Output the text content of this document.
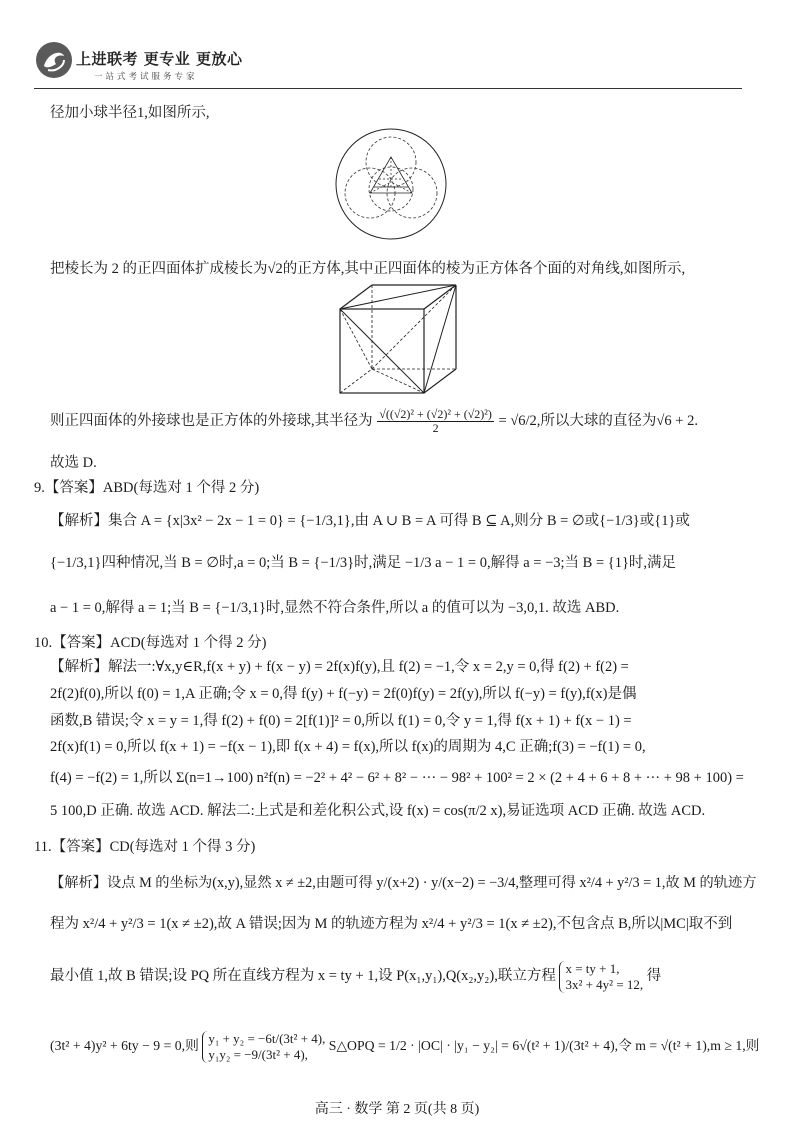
上进联考 更专业 更放心
一站式考试服务专家
径加小球半径1,如图所示,
把棱长为 2 的正四面体扩成棱长为√2的正方体,其中正四面体的棱为正方体各个面的对角线,如图所示,
则正四面体的外接球也是正方体的外接球,其半径为 $\frac{\text{√((√2)² + (√2)² + (√2)²)}}{2} = √6/2$,所以大球的直径为√6 + 2.
故选 D.
9.【答案】ABD(每选对 1 个得 2 分)
【解析】集合 A = {x|3x² − 2x − 1 = 0} = {−1/3,1},由 A ∪ B = A 可得 B ⊆ A,则分 B = ∅或{−1/3}或{1}或
{−1/3,1}四种情况,当 B = ∅时,a = 0;当 B = {−1/3}时,满足 −1/3 a − 1 = 0,解得 a = −3;当 B = {1}时,满足
a − 1 = 0,解得 a = 1;当 B = {−1/3,1}时,显然不符合条件,所以 a 的值可以为 −3,0,1. 故选 ABD.
10.【答案】ACD(每选对 1 个得 2 分)
【解析】解法一:∀x,y∈R,f(x + y) + f(x − y) = 2f(x)f(y),且 f(2) = −1,令 x = 2,y = 0,得 f(2) + f(2) =
2f(2)f(0),所以 f(0) = 1,A 正确;令 x = 0,得 f(y) + f(−y) = 2f(0)f(y) = 2f(y),所以 f(−y) = f(y),f(x)是偶
函数,B 错误;令 x = y = 1,得 f(2) + f(0) = 2[f(1)]² = 0,所以 f(1) = 0,令 y = 1,得 f(x + 1) + f(x − 1) =
2f(x)f(1) = 0,所以 f(x + 1) = −f(x − 1),即 f(x + 4) = f(x),所以 f(x)的周期为 4,C 正确;f(3) = −f(1) = 0,
f(4) = −f(2) = 1,所以 Σ(n=1→100) n²f(n) = −2² + 4² − 6² + 8² − ··· − 98² + 100² = 2 × (2 + 4 + 6 + 8 + ··· + 98 + 100) =
5 100,D 正确. 故选 ACD. 解法二:上式是和差化积公式,设 f(x) = cos(π/2 x),易证选项 ACD 正确. 故选 ACD.
11.【答案】CD(每选对 1 个得 3 分)
【解析】设点 M 的坐标为(x,y),显然 x ≠ ±2,由题可得 y/(x+2) · y/(x−2) = −3/4,整理可得 x²/4 + y²/3 = 1,故 M 的轨迹方
程为 x²/4 + y²/3 = 1(x ≠ ±2),故 A 错误;因为 M 的轨迹方程为 x²/4 + y²/3 = 1(x ≠ ±2),不包含点 B,所以|MC|取不到
最小值 1,故 B 错误;设 PQ 所在直线方程为 x = ty + 1,设 P(x₁,y₁),Q(x₂,y₂),联立方程 x = ty + 1,
3x² + 4y² = 12,
得
(3t² + 4)y² + 6ty − 9 = 0,则 y₁ + y₂ = −6t/(3t² + 4),
y₁y₂ = −9/(3t² + 4),
S△OPQ = 1/2 · |OC| · |y₁ − y₂| = 6√(t² + 1)/(3t² + 4),令 m = √(t² + 1),m ≥ 1,则
高三 · 数学 第 2 页(共 8 页)
